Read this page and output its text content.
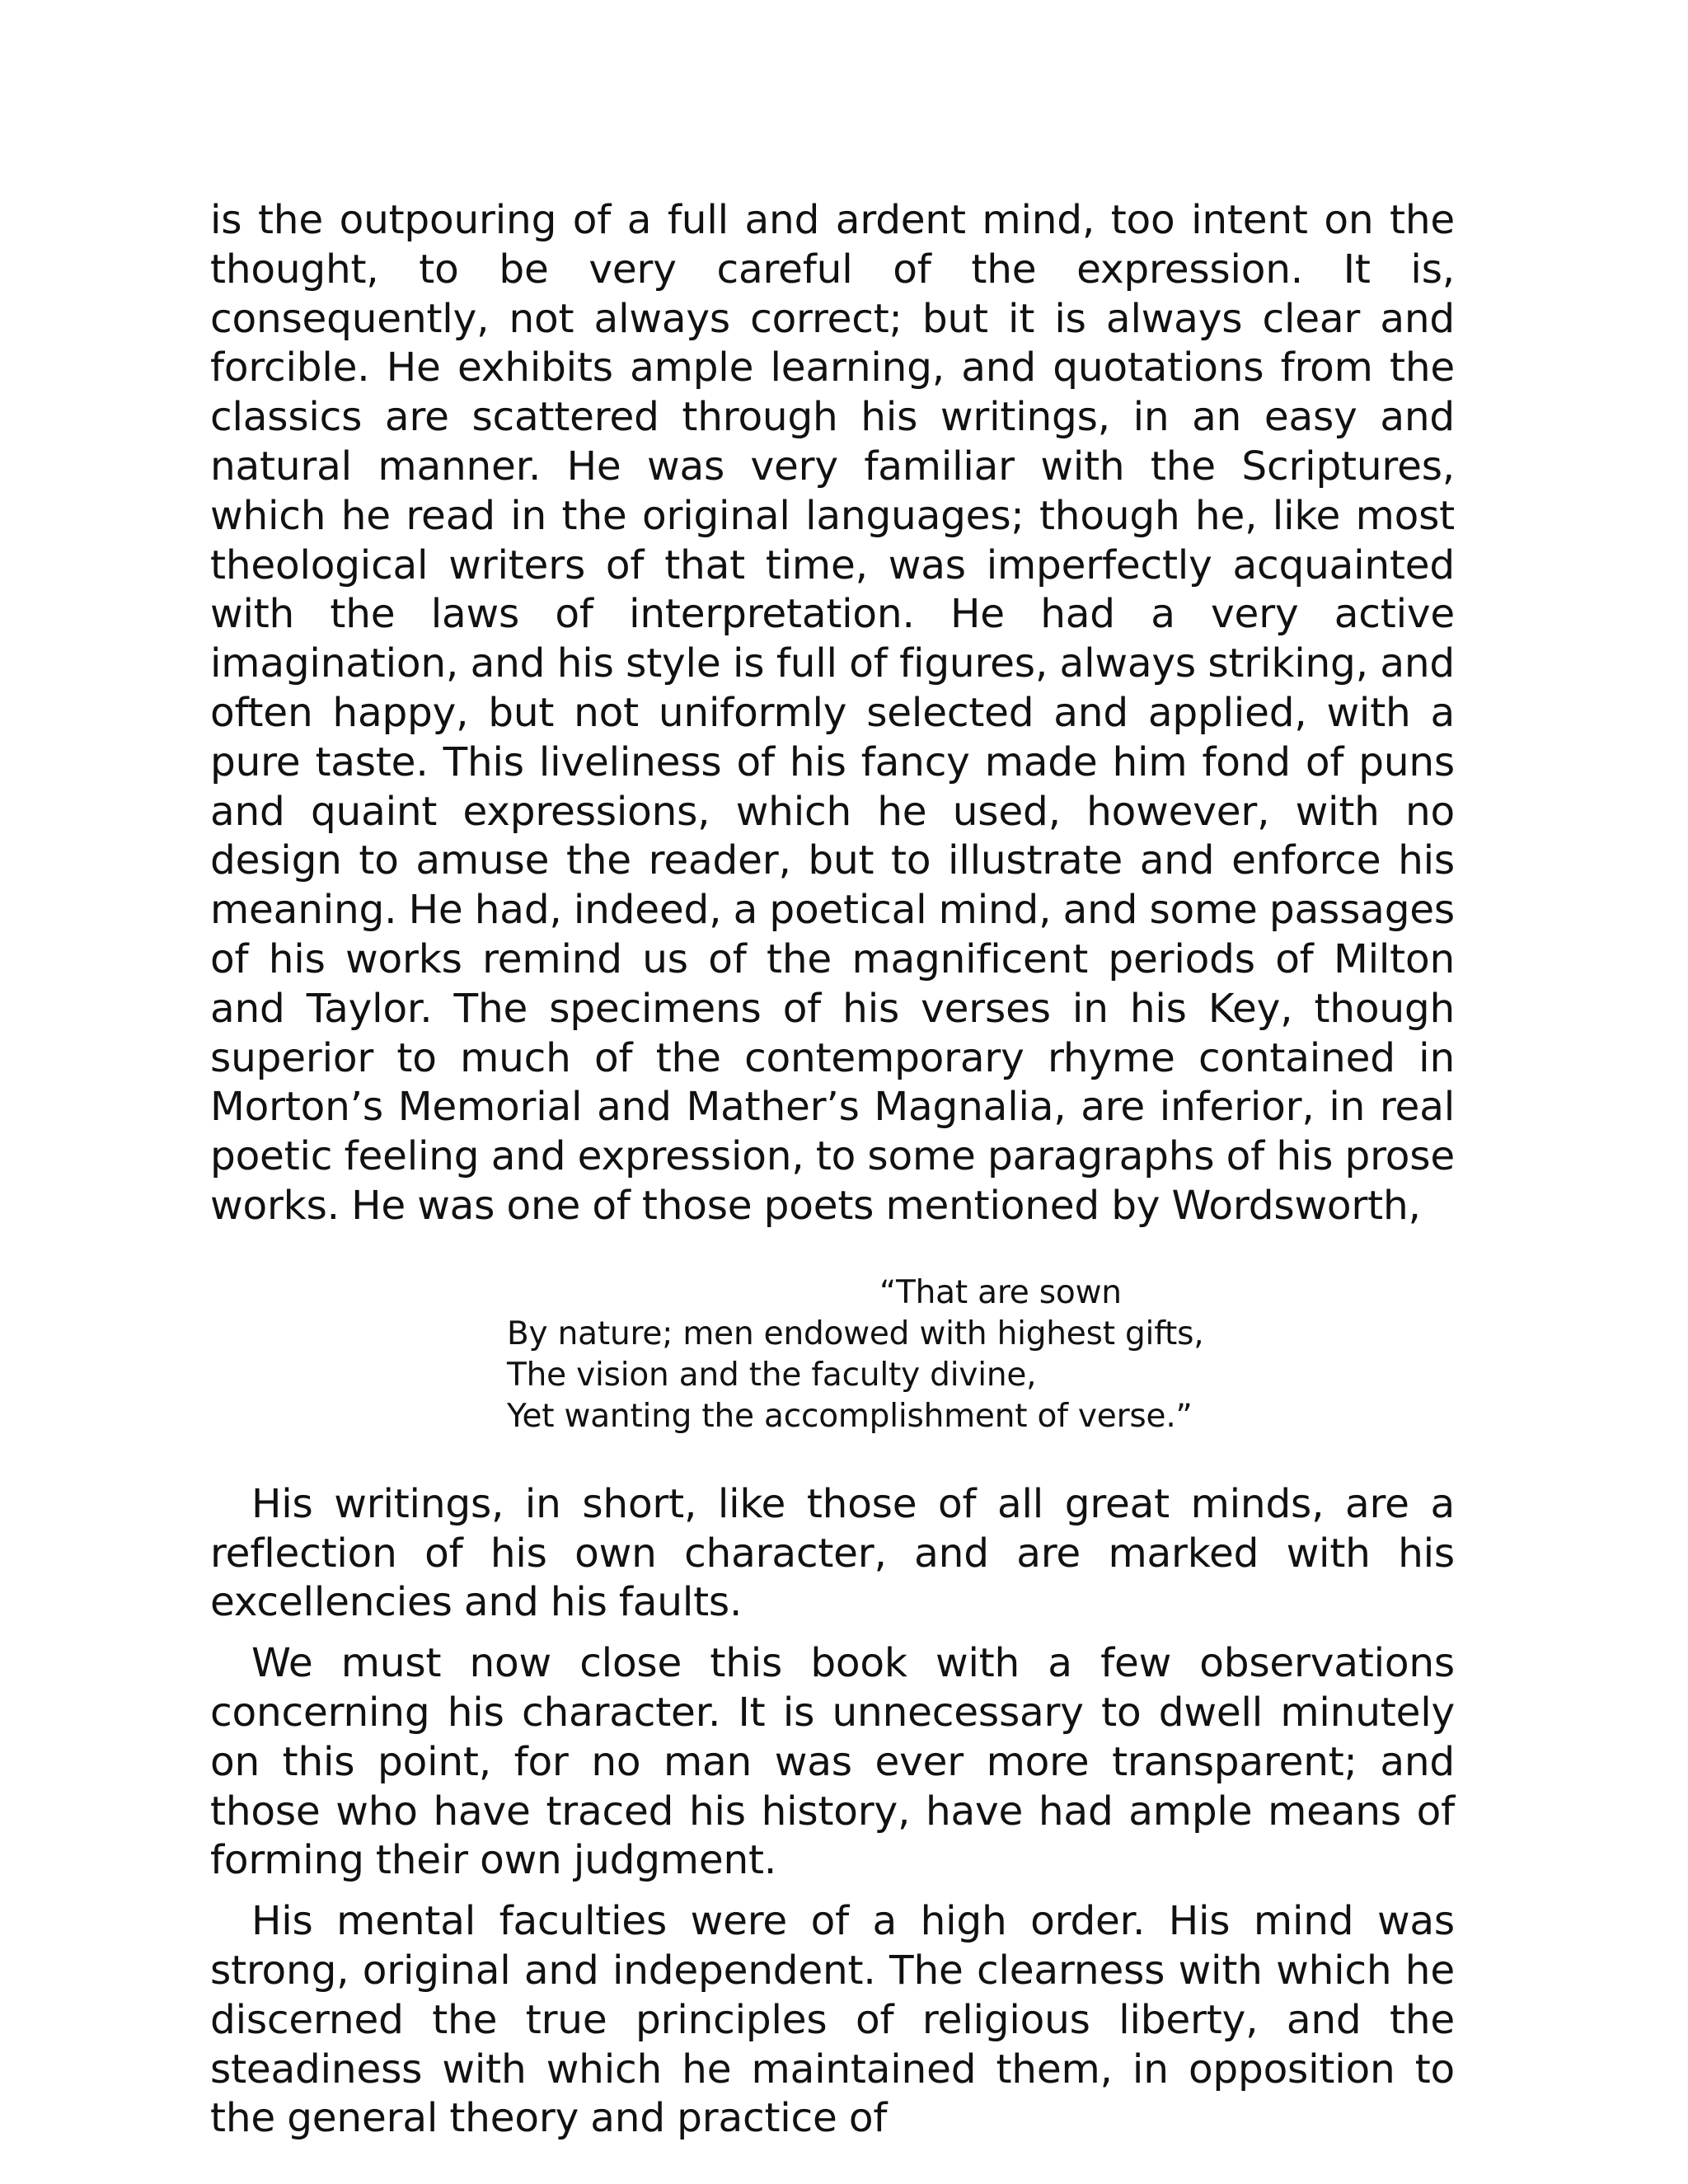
is the outpouring of a full and ardent mind, too intent on the thought, to be very careful of the expression. It is, consequently, not always correct; but it is always clear and forcible. He exhibits ample learning, and quotations from the classics are scattered through his writings, in an easy and natural manner. He was very familiar with the Scriptures, which he read in the original languages; though he, like most theological writers of that time, was imperfectly acquainted with the laws of interpretation. He had a very active imagination, and his style is full of figures, always striking, and often happy, but not uniformly selected and applied, with a pure taste. This liveliness of his fancy made him fond of puns and quaint expressions, which he used, however, with no design to amuse the reader, but to illustrate and enforce his meaning. He had, indeed, a poetical mind, and some passages of his works remind us of the magnificent periods of Milton and Taylor. The specimens of his verses in his Key, though superior to much of the contemporary rhyme contained in Morton’s Memorial and Mather’s Magnalia, are inferior, in real poetic feeling and expression, to some paragraphs of his prose works. He was one of those poets mentioned by Wordsworth,

“That are sown
By nature; men endowed with highest gifts,
The vision and the faculty divine,
Yet wanting the accomplishment of verse.”

His writings, in short, like those of all great minds, are a reflection of his own character, and are marked with his excellencies and his faults.

We must now close this book with a few observations concerning his character. It is unnecessary to dwell minutely on this point, for no man was ever more transparent; and those who have traced his history, have had ample means of forming their own judgment.

His mental faculties were of a high order. His mind was strong, original and independent. The clearness with which he discerned the true principles of religious liberty, and the steadiness with which he maintained them, in opposition to the general theory and practice of
